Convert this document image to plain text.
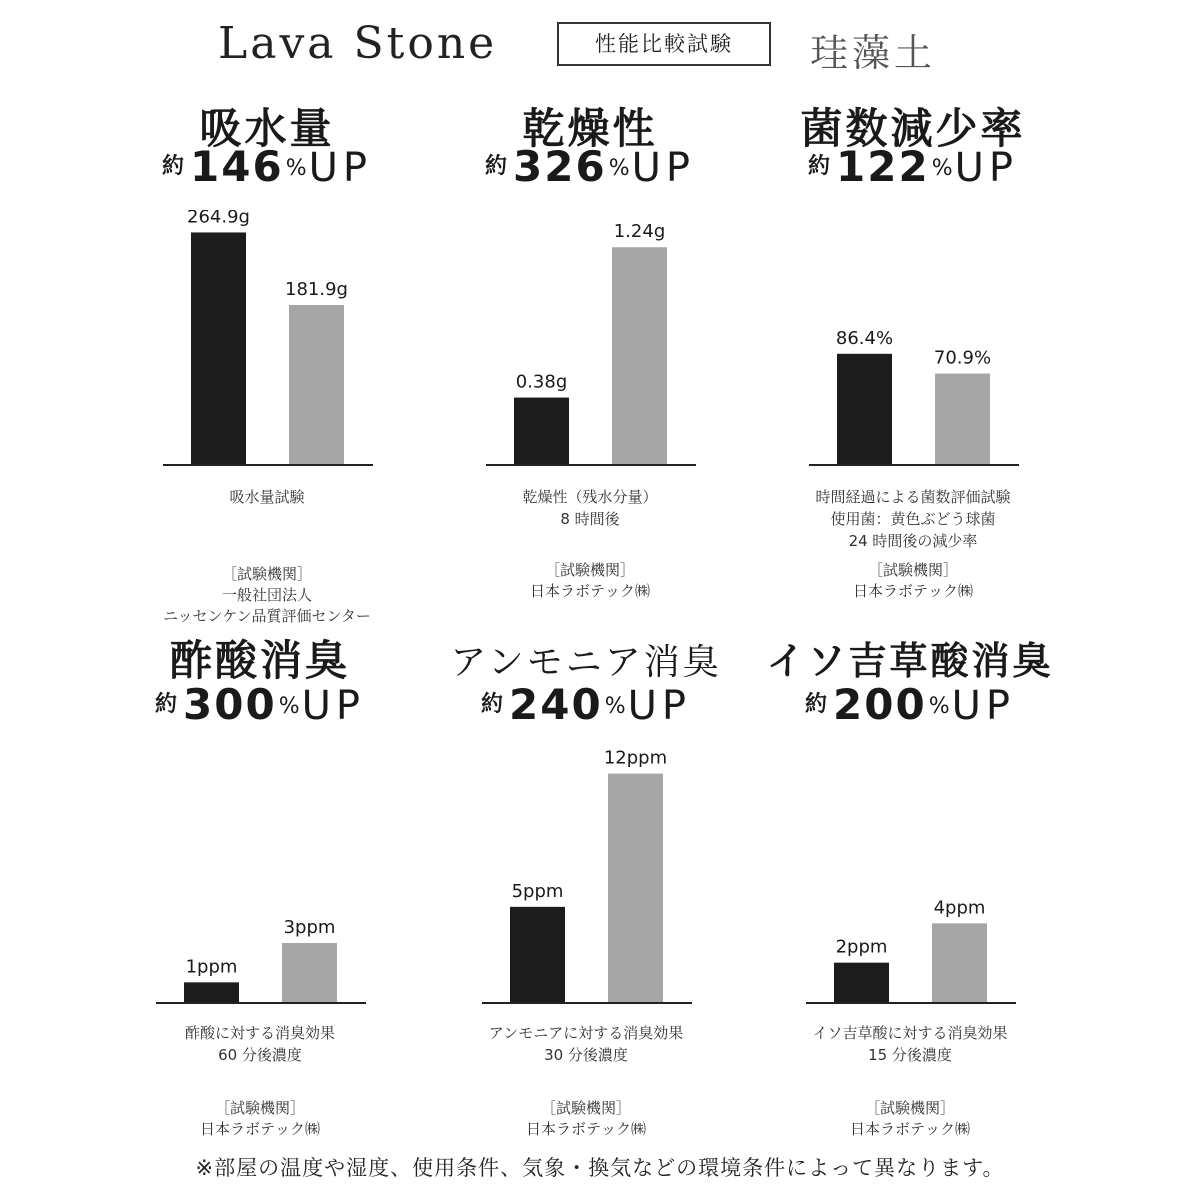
Lava Stone	性能比較試験	珪藻土
吸水量
約 146%UP
264.9g
181.9g
吸水量試験
［試験機関］
一般社団法人
ニッセンケン品質評価センター
乾燥性
約 326%UP
0.38g
1.24g
乾燥性（残水分量）
8 時間後
［試験機関］
日本ラボテック㈱
菌数減少率
約 122%UP
86.4%
70.9%
時間経過による菌数評価試験
使用菌：黄色ぶどう球菌
24 時間後の減少率
［試験機関］
日本ラボテック㈱
酢酸消臭
約 300%UP
1ppm
3ppm
酢酸に対する消臭効果
60 分後濃度
［試験機関］
日本ラボテック㈱
アンモニア消臭
約 240%UP
5ppm
12ppm
アンモニアに対する消臭効果
30 分後濃度
［試験機関］
日本ラボテック㈱
イソ吉草酸消臭
約 200%UP
2ppm
4ppm
イソ吉草酸に対する消臭効果
15 分後濃度
［試験機関］
日本ラボテック㈱
※部屋の温度や湿度、使用条件、気象・換気などの環境条件によって異なります。
